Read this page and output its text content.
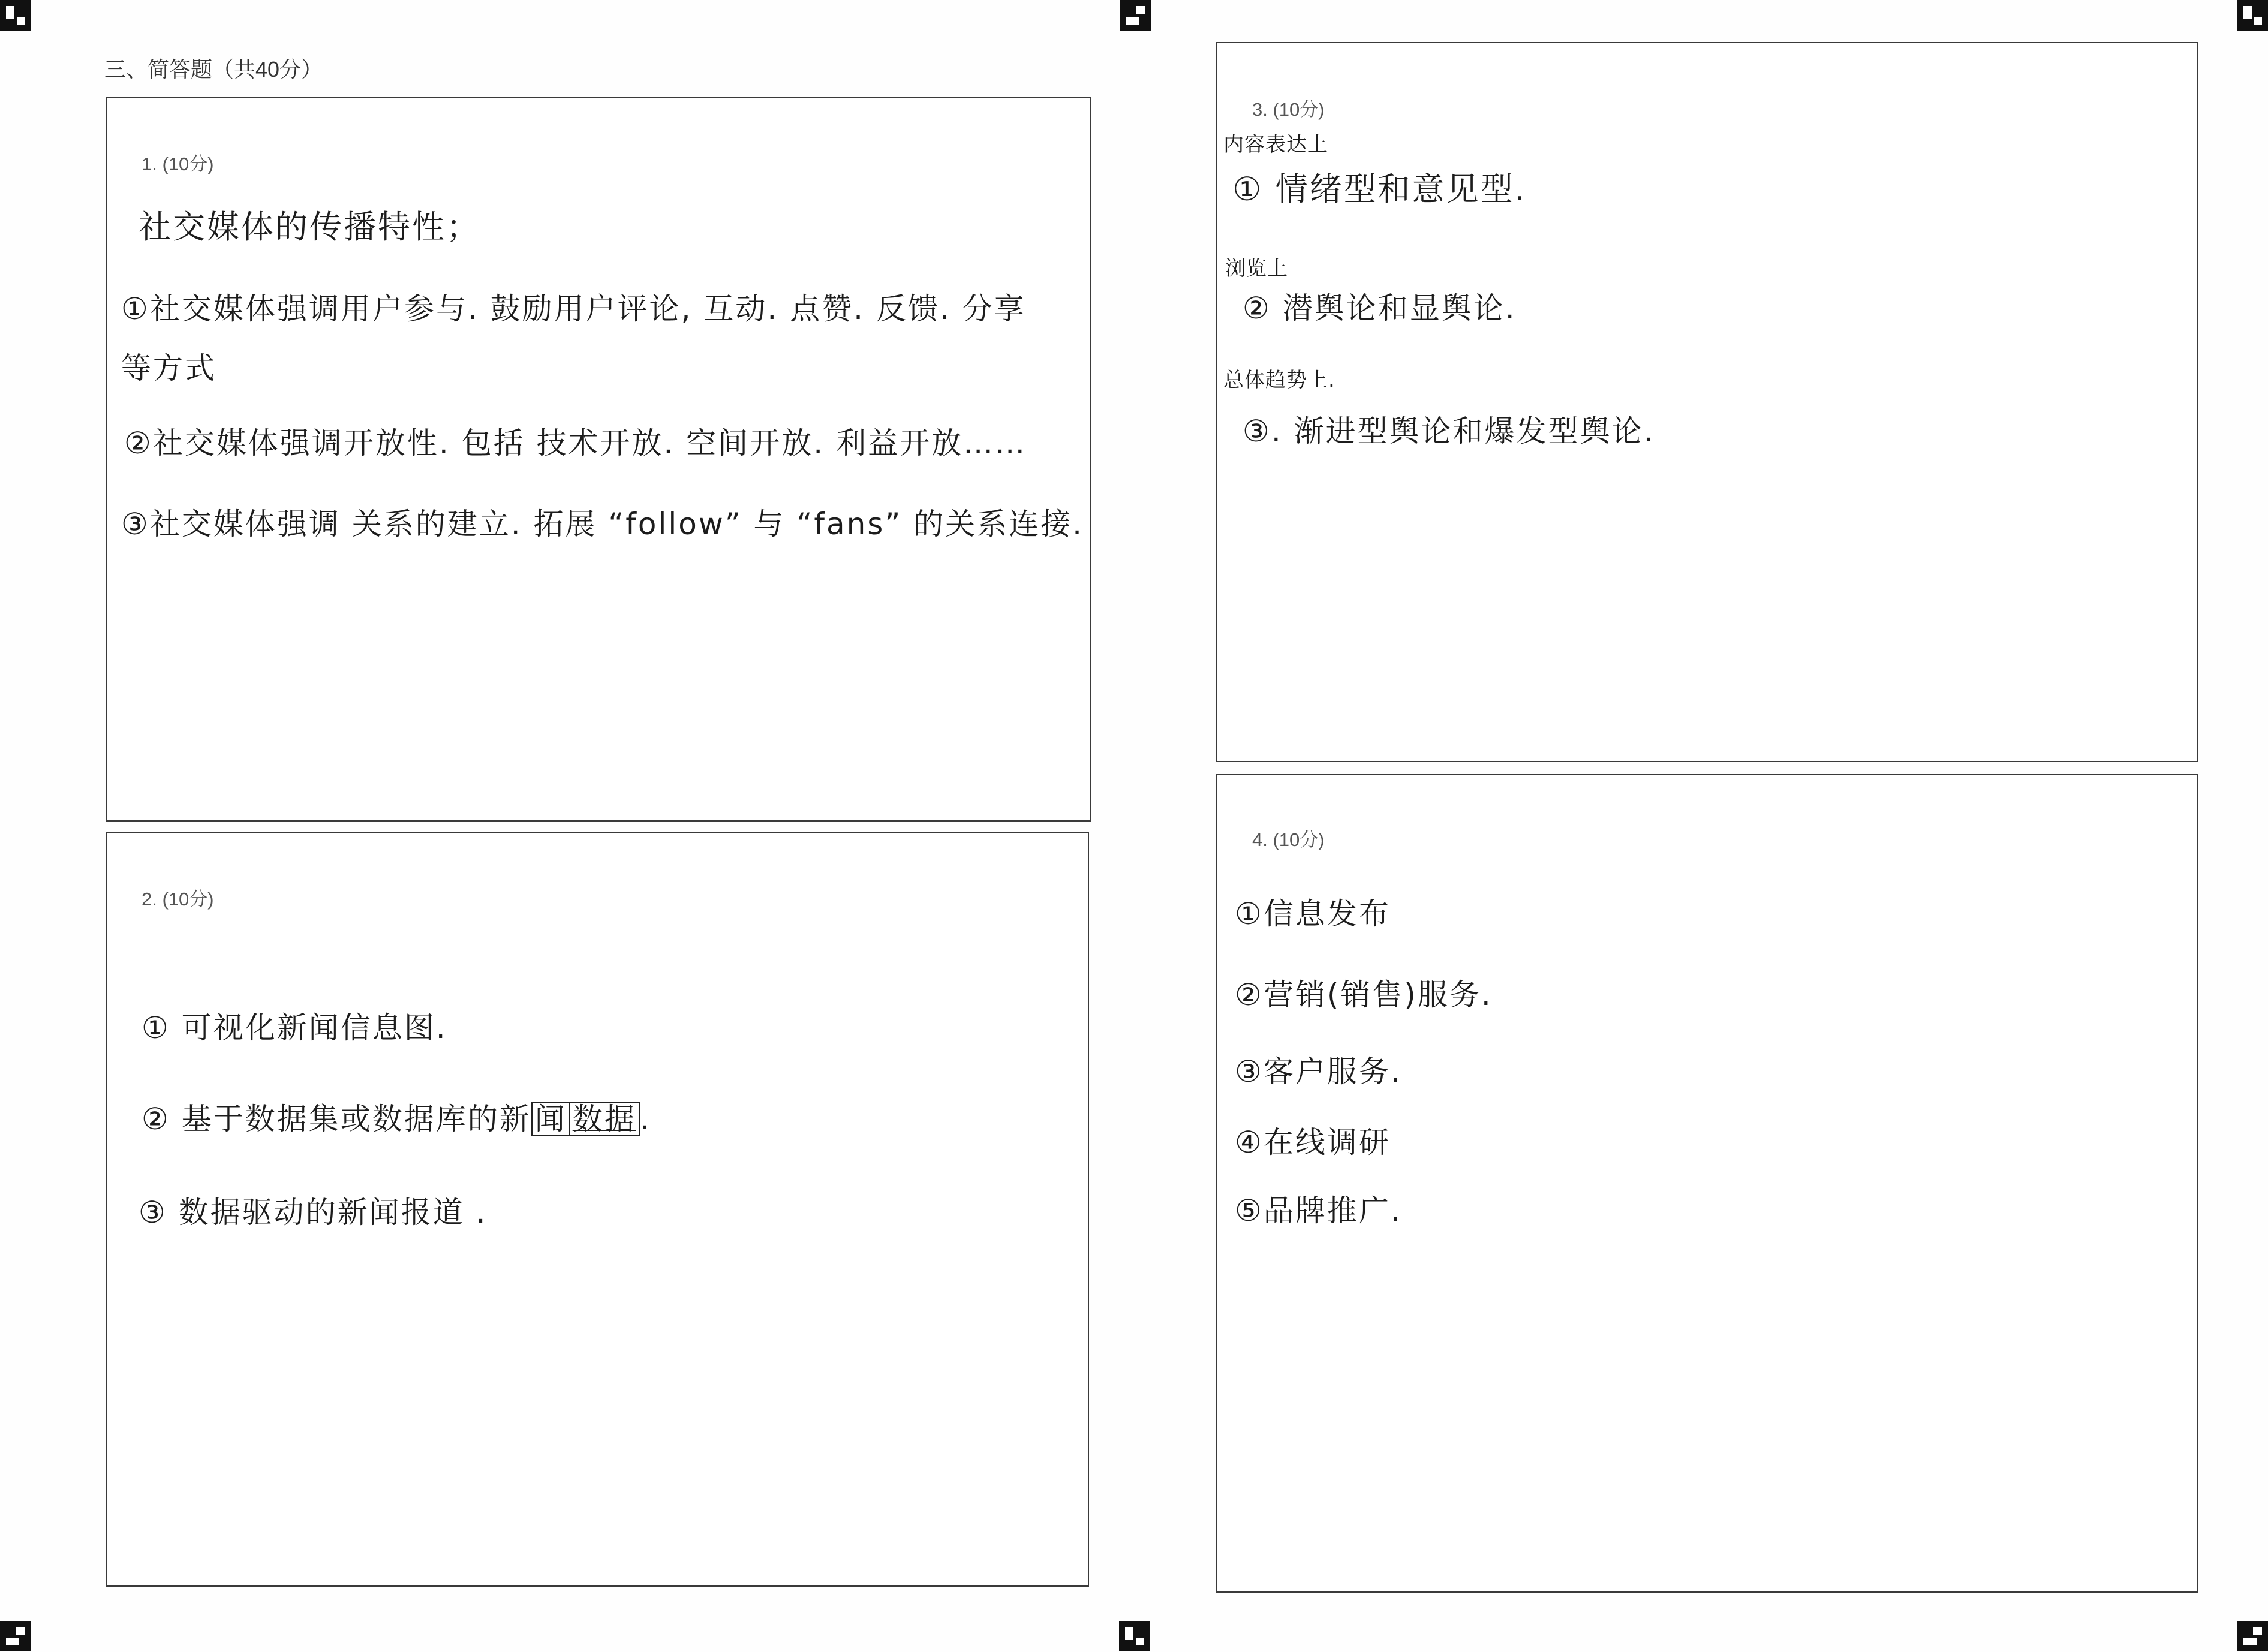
三、简答题（共40分）
1. (10分)
社交媒体的传播特性；
①社交媒体强调用户参与. 鼓励用户评论, 互动. 点赞. 反馈. 分享
等方式
②社交媒体强调开放性. 包括 技术开放. 空间开放. 利益开放……
③社交媒体强调 关系的建立. 拓展 “follow” 与 “fans” 的关系连接.
2. (10分)
① 可视化新闻信息图.
② 基于数据集或数据库的新 闻 数据 .
③ 数据驱动的新闻报道 .
3. (10分)
内容表达上
① 情绪型和意见型.
浏览上
② 潜舆论和显舆论.
总体趋势上.
③. 渐进型舆论和爆发型舆论.
4. (10分)
①信息发布
②营销(销售)服务.
③客户服务.
④在线调研
⑤品牌推广.
